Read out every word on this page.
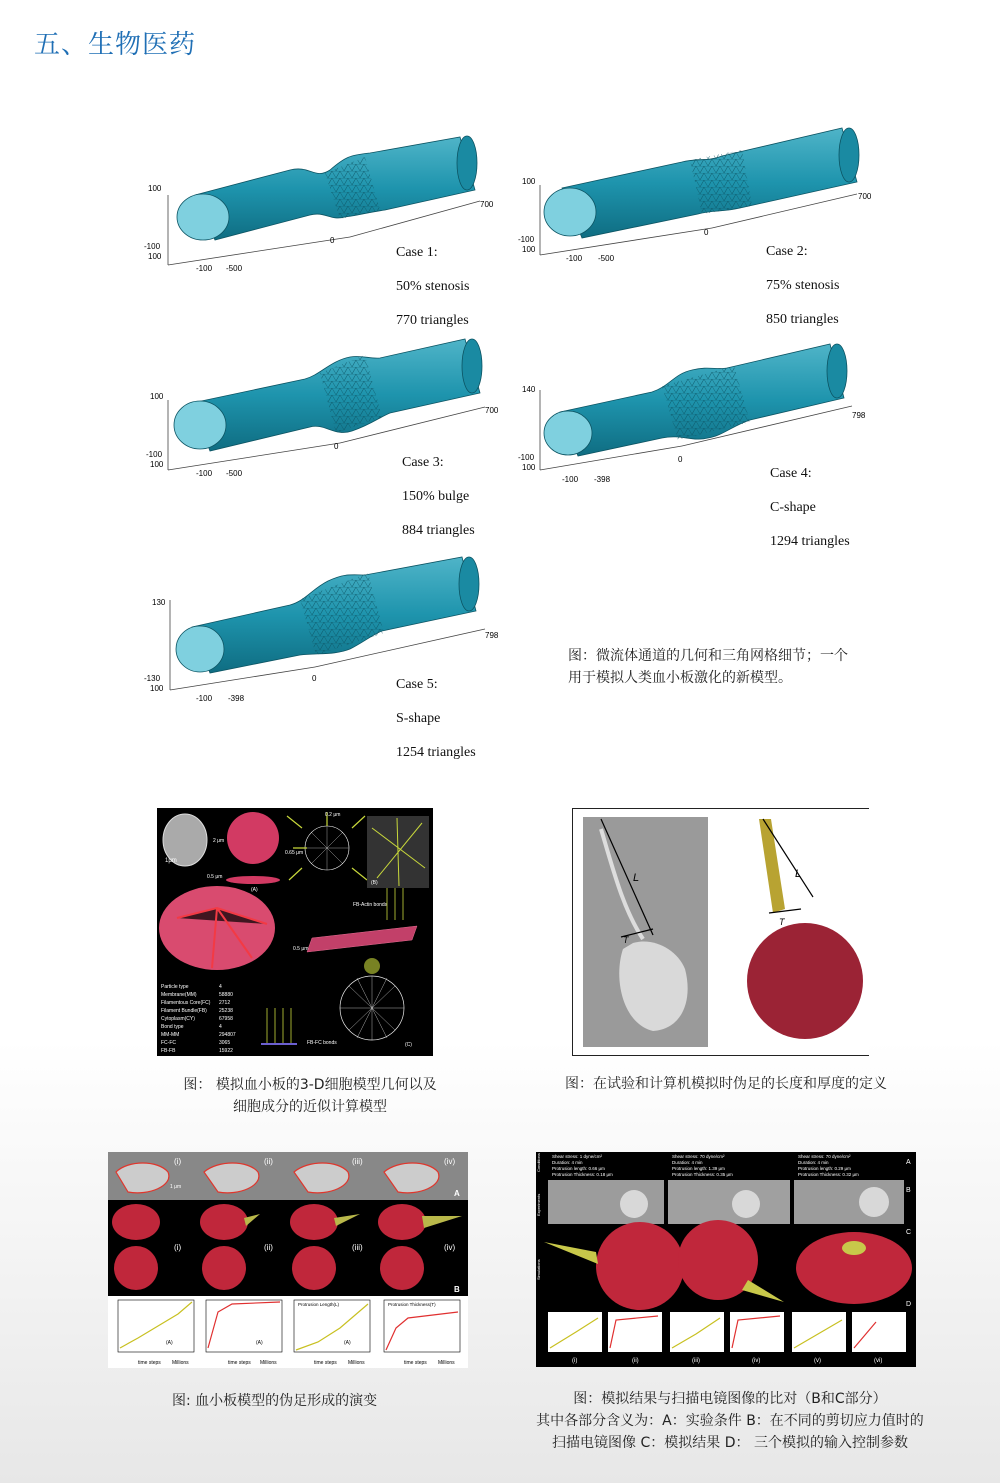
五、生物医药
100
-100
100
-100 -500
0
700

Case 1:

50% stenosis

770 triangles

100
-100
100
-100 -500
0
700

Case 2:

75% stenosis

850 triangles

100
-100
100
-100 -500
0
700

Case 3:

150% bulge

884 triangles

140
-100
100
-100 -398
0
798

Case 4:

C-shape

1294 triangles

130
-130
100
-100 -398
0
798

Case 5:

S-shape

1254 triangles

图：微流体通道的几何和三角网格细节；一个
用于模拟人类血小板激化的新模型。
1μm
2 μm
0.5 μm
(A)
0.2 μm
0.65 μm
(B)
0.5 μm
FB-Actin bonds
(C)
FB-FC bonds
Particle type	4
Membrane(MM)	58880
Filamentous Core(FC) 2712
Filament Bundle(FB) 25238
Cytoplasm(CY)	67958
Bond type	4
MM-MM	294807
FC-FC	3065
FB-FB	15922
图： 模拟血小板的3-D细胞模型几何以及
细胞成分的近似计算模型
L
T
L
T
图：在试验和计算机模拟时伪足的长度和厚度的定义
(i)	(ii)	(iii)	(iv)
A
1 μm
(i)	(ii)	(iii)	(iv)
B
(A)	(A)
Protrusion Length(L)
(A)
Protrusion Thickness(T)
time steps	time steps	time steps	time steps
Millions	Millions	Millions	Millions
图: 血小板模型的伪足形成的演变
Shear stress: 1 dyne/cm²
Duration: 4 min
Protrusion length: 0.66 μm
Protrusion Thickness: 0.18 μm
Shear stress: 70 dyne/cm²
Duration: 4 min
Protrusion length: 1.39 μm
Protrusion Thickness: 0.35 μm
Shear stress: 70 dyne/cm²
Duration: 4 min
Protrusion length: 0.29 μm
Protrusion Thickness: 0.32 μm
(i)	(ii)	(iii)	(iv)	(v)	(vi)
A
B
C
D
Conditions
Experiments
Simulations
图：模拟结果与扫描电镜图像的比对（B和C部分）
其中各部分含义为：A：实验条件 B：在不同的剪切应力值时的
扫描电镜图像 C：模拟结果 D： 三个模拟的输入控制参数
